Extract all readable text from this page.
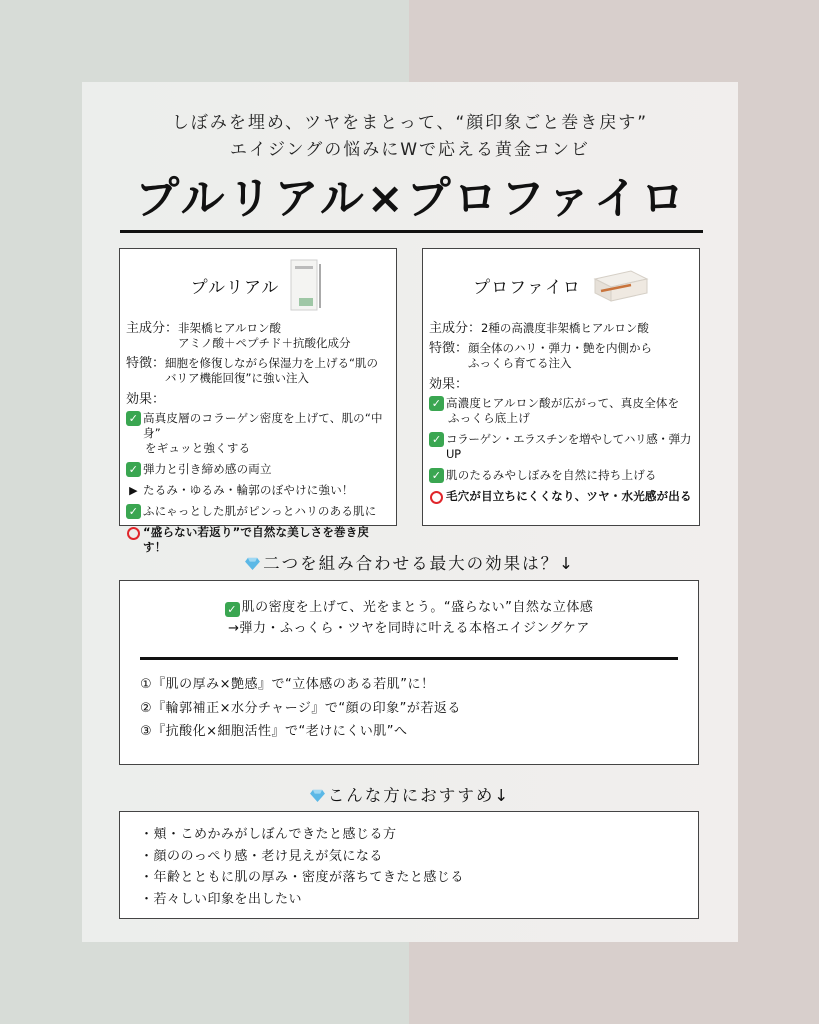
しぼみを埋め、ツヤをまとって、“顔印象ごと巻き戻す”
エイジングの悩みにWで応える黄金コンビ
プルリアル×プロファイロ
プルリアル
主成分： 非架橋ヒアルロン酸
アミノ酸＋ペプチド＋抗酸化成分
特徴： 細胞を修復しながら保湿力を上げる“肌の
バリア機能回復”に強い注入
効果：
✓ 高真皮層のコラーゲン密度を上げて、肌の“中身”
をギュッと強くする
✓ 弾力と引き締め感の両立
▶ たるみ・ゆるみ・輪郭のぼやけに強い！
✓ ふにゃっとした肌がピンっとハリのある肌に
“盛らない若返り”で自然な美しさを巻き戻す！
プロファイロ
主成分： 2種の高濃度非架橋ヒアルロン酸
特徴： 顔全体のハリ・弾力・艶を内側から
ふっくら育てる注入
効果：
✓ 高濃度ヒアルロン酸が広がって、真皮全体を
ふっくら底上げ
✓ コラーゲン・エラスチンを増やしてハリ感・弾力UP
✓ 肌のたるみやしぼみを自然に持ち上げる
毛穴が目立ちにくくなり、ツヤ・水光感が出る
二つを組み合わせる最大の効果は？↓
✓ 肌の密度を上げて、光をまとう。“盛らない”自然な立体感
→弾力・ふっくら・ツヤを同時に叶える本格エイジングケア
①『肌の厚み×艶感』で“立体感のある若肌”に！
②『輪郭補正×水分チャージ』で“顔の印象”が若返る
③『抗酸化×細胞活性』で“老けにくい肌”へ
こんな方におすすめ↓
・頬・こめかみがしぼんできたと感じる方
・顔ののっぺり感・老け見えが気になる
・年齢とともに肌の厚み・密度が落ちてきたと感じる
・若々しい印象を出したい
